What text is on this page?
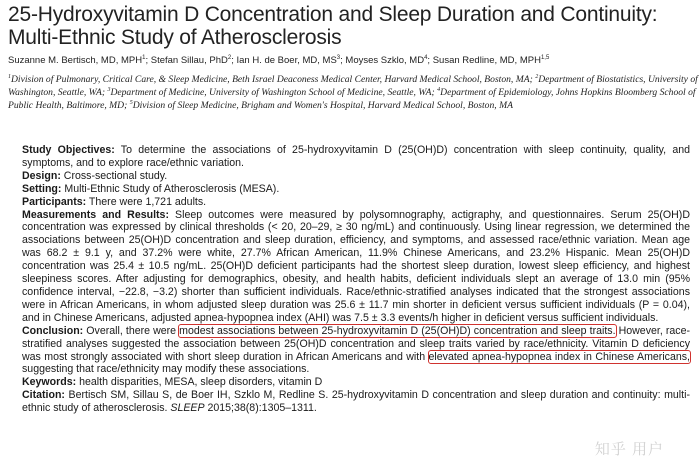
25-Hydroxyvitamin D Concentration and Sleep Duration and Continuity: Multi-Ethnic Study of Atherosclerosis
Suzanne M. Bertisch, MD, MPH$^1$; Stefan Sillau, PhD$^2$; Ian H. de Boer, MD, $MS^3$; Moyses Szklo, $MD^4$; Susan Redline, MD, MPH$^{1,5}$
$^1$Division of Pulmonary, Critical Care, & Sleep Medicine, Beth Israel Deaconess Medical Center, Harvard Medical School, Boston, MA; $^2$Department of Biostatistics, University of Washington, Seattle, WA; $^3$Department of Medicine, University of Washington School of Medicine, Seattle, WA; $^4$Department of Epidemiology, Johns Hopkins Bloomberg School of Public Health, Baltimore, MD; $^5$Division of Sleep Medicine, Brigham and Women's Hospital, Harvard Medical School, Boston, MA

Study Objectives: To determine the associations of 25-hydroxyvitamin D (25(OH)D) concentration with sleep continuity, quality, and symptoms, and to explore race/ethnic variation.

Design: Cross-sectional study.

Setting: Multi-Ethnic Study of Atherosclerosis (MESA).

Participants: There were 1,721 adults.

Measurements and Results: Sleep outcomes were measured by polysomnography, actigraphy, and questionnaires. Serum 25(OH)D concentration was expressed by clinical thresholds (< 20, 20–29, ≥ 30 ng/mL) and continuously. Using linear regression, we determined the associations between 25(OH)D concentration and sleep duration, efficiency, and symptoms, and assessed race/ethnic variation. Mean age was 68.2 ± 9.1 y, and 37.2% were white, 27.7% African American, 11.9% Chinese Americans, and 23.2% Hispanic. Mean 25(OH)D concentration was 25.4 ± 10.5 ng/mL. 25(OH)D deficient participants had the shortest sleep duration, lowest sleep efficiency, and highest sleepiness scores. After adjusting for demographics, obesity, and health habits, deficient individuals slept an average of 13.0 min (95% confidence interval, −22.8, −3.2) shorter than sufficient individuals. Race/ethnic-stratified analyses indicated that the strongest associations were in African Americans, in whom adjusted sleep duration was 25.6 ± 11.7 min shorter in deficient versus sufficient individuals (P = 0.04), and in Chinese Americans, adjusted apnea-hypopnea index (AHI) was 7.5 ± 3.3 events/h higher in deficient versus sufficient individuals.

Conclusion: Overall, there were modest associations between 25-hydroxyvitamin D (25(OH)D) concentration and sleep traits. However, race-stratified analyses suggested the association between 25(OH)D concentration and sleep traits varied by race/ethnicity. Vitamin D deficiency was most strongly associated with short sleep duration in African Americans and with elevated apnea-hypopnea index in Chinese Americans, suggesting that race/ethnicity may modify these associations.

Keywords: health disparities, MESA, sleep disorders, vitamin D

Citation: Bertisch SM, Sillau S, de Boer IH, Szklo M, Redline S. 25-hydroxyvitamin D concentration and sleep duration and continuity: multi-ethnic study of atherosclerosis. SLEEP 2015;38(8):1305–1311.

知乎 用户
